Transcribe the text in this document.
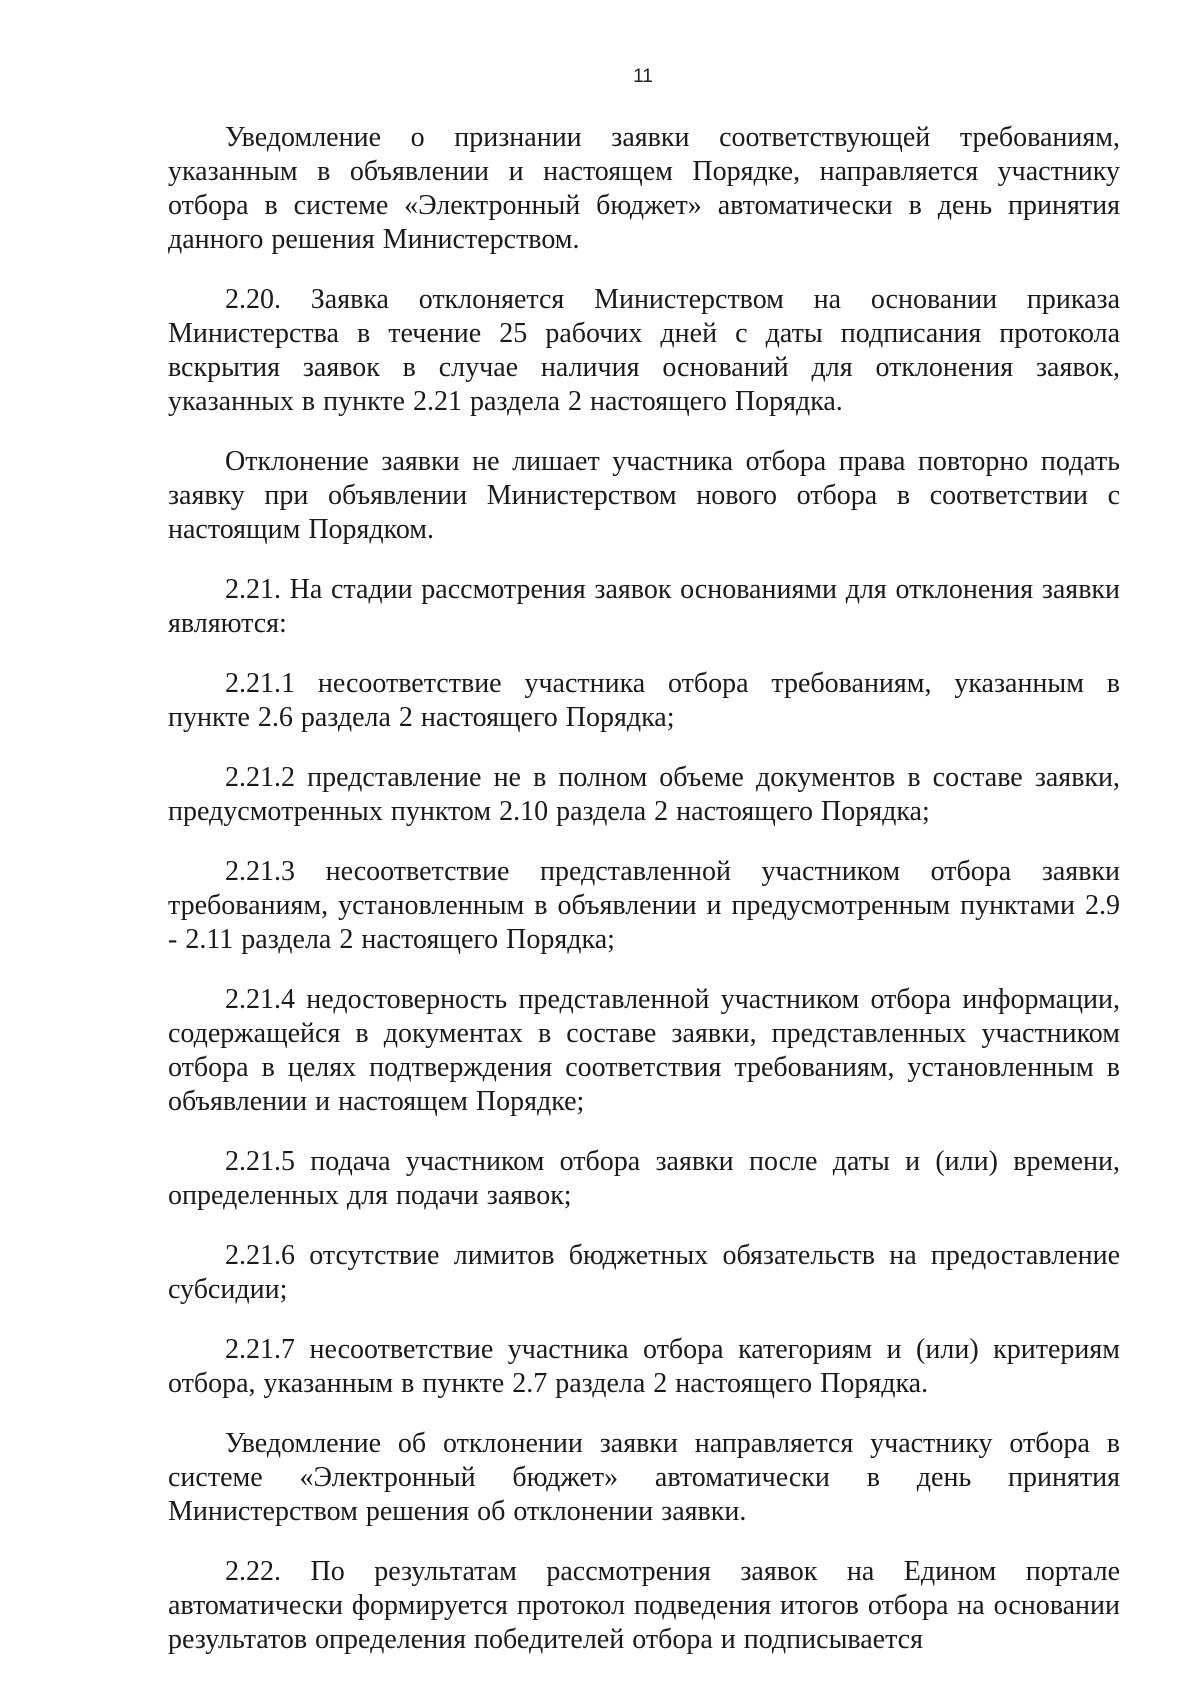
11

Уведомление о признании заявки соответствующей требованиям, указанным в объявлении и настоящем Порядке, направляется участнику отбора в системе «Электронный бюджет» автоматически в день принятия данного решения Министерством.

2.20. Заявка отклоняется Министерством на основании приказа Министерства в течение 25 рабочих дней с даты подписания протокола вскрытия заявок в случае наличия оснований для отклонения заявок, указанных в пункте 2.21 раздела 2 настоящего Порядка.

Отклонение заявки не лишает участника отбора права повторно подать заявку при объявлении Министерством нового отбора в соответствии с настоящим Порядком.

2.21. На стадии рассмотрения заявок основаниями для отклонения заявки являются:

2.21.1 несоответствие участника отбора требованиям, указанным в пункте 2.6 раздела 2 настоящего Порядка;

2.21.2 представление не в полном объеме документов в составе заявки, предусмотренных пунктом 2.10 раздела 2 настоящего Порядка;

2.21.3 несоответствие представленной участником отбора заявки требованиям, установленным в объявлении и предусмотренным пунктами 2.9 - 2.11 раздела 2 настоящего Порядка;

2.21.4 недостоверность представленной участником отбора информации, содержащейся в документах в составе заявки, представленных участником отбора в целях подтверждения соответствия требованиям, установленным в объявлении и настоящем Порядке;

2.21.5 подача участником отбора заявки после даты и (или) времени, определенных для подачи заявок;

2.21.6 отсутствие лимитов бюджетных обязательств на предоставление субсидии;

2.21.7 несоответствие участника отбора категориям и (или) критериям отбора, указанным в пункте 2.7 раздела 2 настоящего Порядка.

Уведомление об отклонении заявки направляется участнику отбора в системе «Электронный бюджет» автоматически в день принятия Министерством решения об отклонении заявки.

2.22. По результатам рассмотрения заявок на Едином портале автоматически формируется протокол подведения итогов отбора на основании результатов определения победителей отбора и подписывается
